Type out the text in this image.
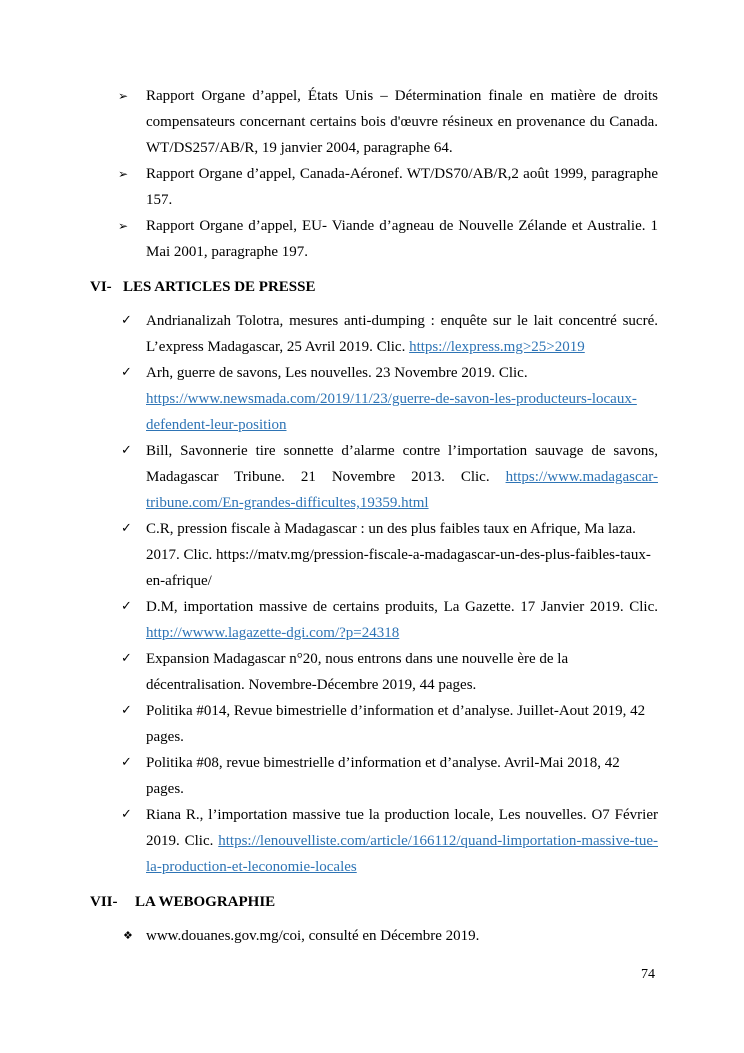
➢ Rapport Organe d’appel, États Unis – Détermination finale en matière de droits compensateurs concernant certains bois d'œuvre résineux en provenance du Canada. WT/DS257/AB/R, 19 janvier 2004, paragraphe 64.
➢ Rapport Organe d’appel, Canada-Aéronef. WT/DS70/AB/R,2 août 1999, paragraphe 157.
➢ Rapport Organe d’appel, EU- Viande d’agneau de Nouvelle Zélande et Australie. 1 Mai 2001, paragraphe 197.
VI- LES ARTICLES DE PRESSE
✓ Andrianalizah Tolotra, mesures anti-dumping : enquête sur le lait concentré sucré. L’express Madagascar, 25 Avril 2019. Clic. https://lexpress.mg>25>2019
✓ Arh, guerre de savons, Les nouvelles. 23 Novembre 2019. Clic.
https://www.newsmada.com/2019/11/23/guerre-de-savon-les-producteurs-locaux-defendent-leur-position
✓ Bill, Savonnerie tire sonnette d’alarme contre l’importation sauvage de savons, Madagascar Tribune. 21 Novembre 2013. Clic. https://www.madagascar-tribune.com/En-grandes-difficultes,19359.html
✓ C.R, pression fiscale à Madagascar : un des plus faibles taux en Afrique, Ma laza. 2017. Clic. https://matv.mg/pression-fiscale-a-madagascar-un-des-plus-faibles-taux-en-afrique/
✓ D.M, importation massive de certains produits, La Gazette. 17 Janvier 2019. Clic. http://wwww.lagazette-dgi.com/?p=24318
✓ Expansion Madagascar n°20, nous entrons dans une nouvelle ère de la décentralisation. Novembre-Décembre 2019, 44 pages.
✓ Politika #014, Revue bimestrielle d’information et d’analyse. Juillet-Aout 2019, 42 pages.
✓ Politika #08, revue bimestrielle d’information et d’analyse. Avril-Mai 2018, 42 pages.
✓ Riana R., l’importation massive tue la production locale, Les nouvelles. O7 Février 2019. Clic. https://lenouvelliste.com/article/166112/quand-limportation-massive-tue-la-production-et-leconomie-locales
VII- LA WEBOGRAPHIE
❖ www.douanes.gov.mg/coi, consulté en Décembre 2019.
74
